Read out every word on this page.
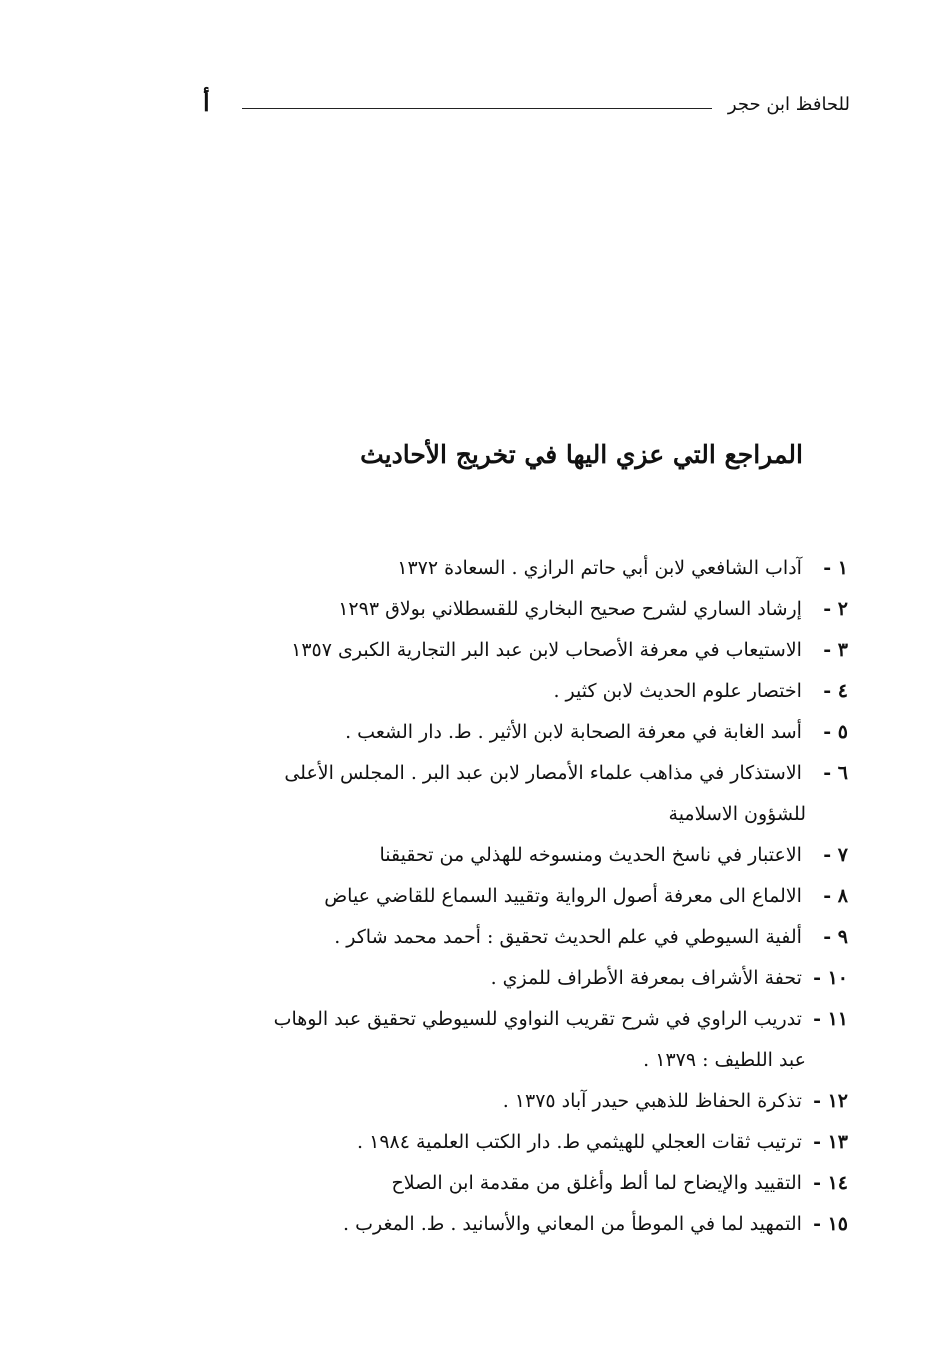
للحافظ ابن حجر
أ
المراجع التي عزي اليها في تخريج الأحاديث
١ - آداب الشافعي لابن أبي حاتم الرازي . السعادة ١٣٧٢
٢ - إرشاد الساري لشرح صحيح البخاري للقسطلاني بولاق ١٢٩٣
٣ - الاستيعاب في معرفة الأصحاب لابن عبد البر التجارية الكبرى ١٣٥٧
٤ - اختصار علوم الحديث لابن كثير .
٥ - أسد الغابة في معرفة الصحابة لابن الأثير . ط. دار الشعب .
٦ - الاستذكار في مذاهب علماء الأمصار لابن عبد البر . المجلس الأعلى
للشؤون الاسلامية
٧ - الاعتبار في ناسخ الحديث ومنسوخه للهذلي من تحقيقنا
٨ - الالماع الى معرفة أصول الرواية وتقييد السماع للقاضي عياض
٩ - ألفية السيوطي في علم الحديث تحقيق : أحمد محمد شاكر .
١٠ - تحفة الأشراف بمعرفة الأطراف للمزي .
١١ - تدريب الراوي في شرح تقريب النواوي للسيوطي تحقيق عبد الوهاب
عبد اللطيف : ١٣٧٩ .
١٢ - تذكرة الحفاظ للذهبي حيدر آباد ١٣٧٥ .
١٣ - ترتيب ثقات العجلي للهيثمي ط. دار الكتب العلمية ١٩٨٤ .
١٤ - التقييد والإيضاح لما ألط وأغلق من مقدمة ابن الصلاح
١٥ - التمهيد لما في الموطأ من المعاني والأسانيد . ط. المغرب .
